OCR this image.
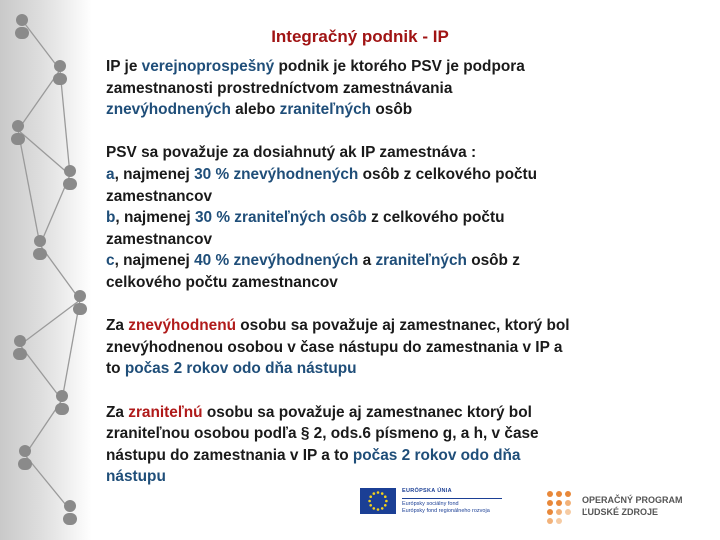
Integračný podnik - IP

IP je verejnoprospešný podnik je ktorého PSV je podpora

zamestnanosti prostredníctvom zamestnávania

znevýhodnených alebo zraniteľných osôb

PSV sa považuje za dosiahnutý ak IP zamestnáva :

a, najmenej 30 % znevýhodnených osôb z celkového počtu

zamestnancov

b, najmenej 30 % zraniteľných osôb z celkového počtu

zamestnancov

c, najmenej 40 % znevýhodnených a zraniteľných osôb z

celkového počtu zamestnancov

Za znevýhodnenú osobu sa považuje aj zamestnanec, ktorý bol

znevýhodnenou osobou v čase nástupu do zamestnania v IP a

to počas 2 rokov odo dňa nástupu

Za zraniteľnú osobu sa považuje aj zamestnanec ktorý bol

zraniteľnou osobou podľa § 2, ods.6 písmeno g, a h, v čase

nástupu do zamestnania v IP a to počas 2 rokov odo dňa

nástupu

EURÓPSKA ÚNIA
Európsky sociálny fond
Európsky fond regionálneho rozvoja
OPERAČNÝ PROGRAM
ĽUDSKÉ ZDROJE
